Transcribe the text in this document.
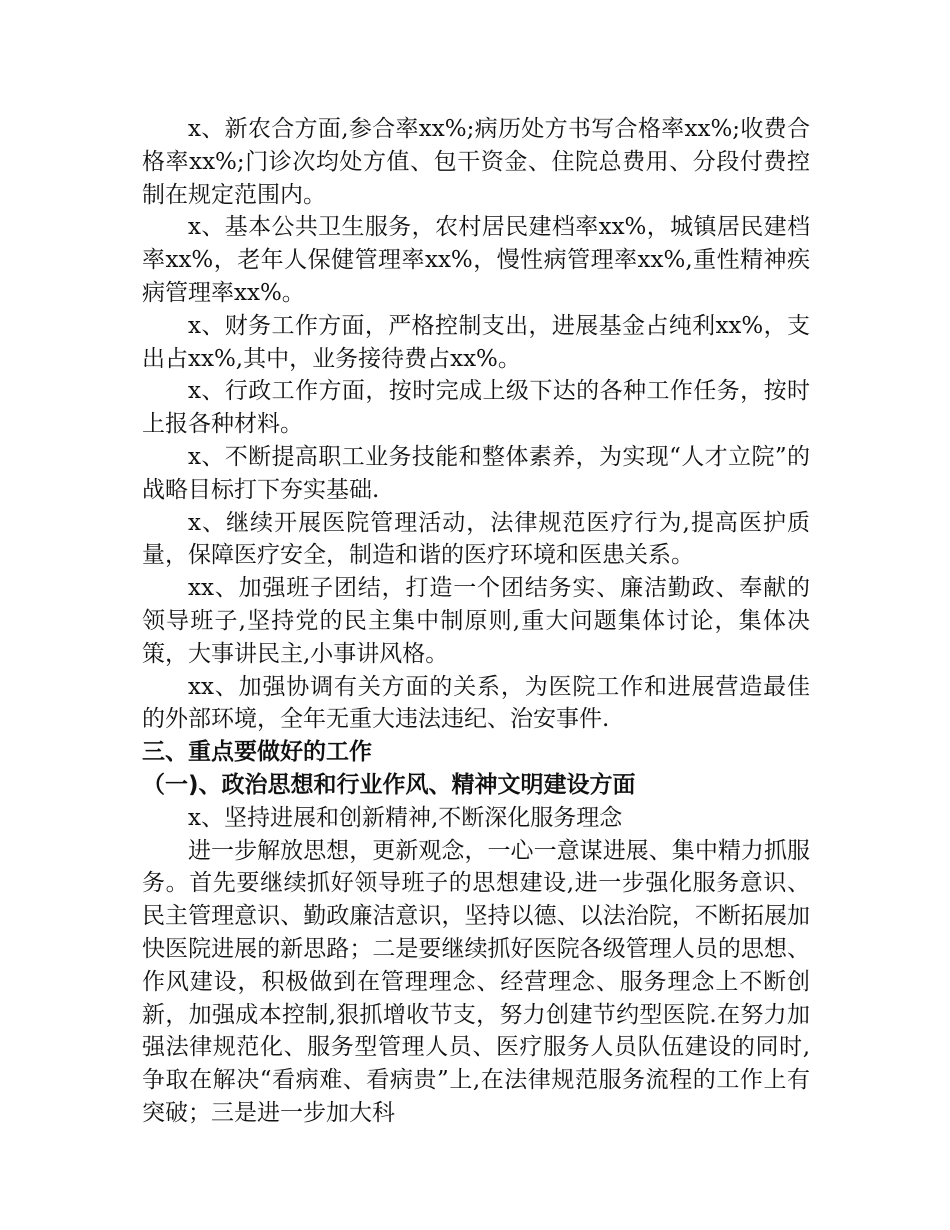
x、新农合方面,参合率xx%;病历处方书写合格率xx%;收费合格率xx%;门诊次均处方值、包干资金、住院总费用、分段付费控制在规定范围内。

x、基本公共卫生服务，农村居民建档率xx%，城镇居民建档率xx%，老年人保健管理率xx%，慢性病管理率xx%,重性精神疾病管理率xx%。

x、财务工作方面，严格控制支出，进展基金占纯利xx%，支出占xx%,其中，业务接待费占xx%。

x、行政工作方面，按时完成上级下达的各种工作任务，按时上报各种材料。

x、不断提高职工业务技能和整体素养，为实现“人才立院”的战略目标打下夯实基础.

x、继续开展医院管理活动，法律规范医疗行为,提高医护质量，保障医疗安全，制造和谐的医疗环境和医患关系。

xx、加强班子团结，打造一个团结务实、廉洁勤政、奉献的领导班子,坚持党的民主集中制原则,重大问题集体讨论，集体决策，大事讲民主,小事讲风格。

xx、加强协调有关方面的关系，为医院工作和进展营造最佳的外部环境，全年无重大违法违纪、治安事件.

三、重点要做好的工作
（一)、政治思想和行业作风、精神文明建设方面

x、坚持进展和创新精神,不断深化服务理念

进一步解放思想，更新观念，一心一意谋进展、集中精力抓服务。首先要继续抓好领导班子的思想建设,进一步强化服务意识、民主管理意识、勤政廉洁意识，坚持以德、以法治院，不断拓展加快医院进展的新思路；二是要继续抓好医院各级管理人员的思想、作风建设，积极做到在管理理念、经营理念、服务理念上不断创新，加强成本控制,狠抓增收节支，努力创建节约型医院.在努力加强法律规范化、服务型管理人员、医疗服务人员队伍建设的同时,争取在解决“看病难、看病贵”上,在法律规范服务流程的工作上有突破；三是进一步加大科
